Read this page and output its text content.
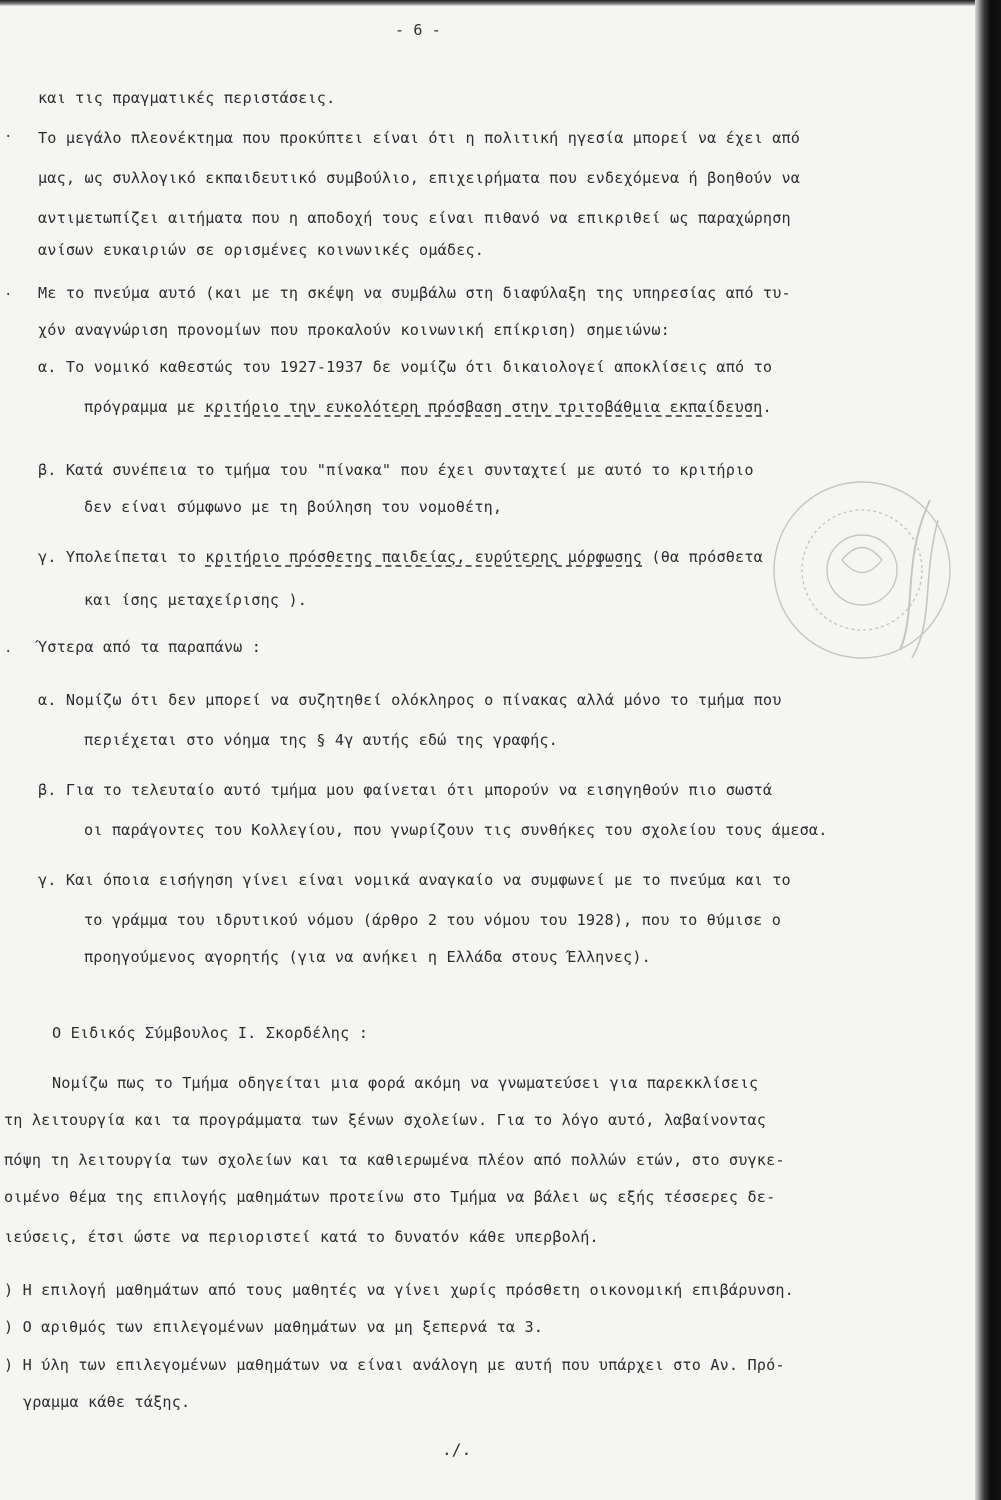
- 6 -
.
.
.
και τις πραγματικές περιστάσεις.
Το μεγάλο πλεονέκτημα που προκύπτει είναι ότι η πολιτική ηγεσία μπορεί να έχει από
μας, ως συλλογικό εκπαιδευτικό συμβούλιο, επιχειρήματα που ενδεχόμενα ή βοηθούν να
αντιμετωπίζει αιτήματα που η αποδοχή τους είναι πιθανό να επικριθεί ως παραχώρηση
ανίσων ευκαιριών σε ορισμένες κοινωνικές ομάδες.
Με το πνεύμα αυτό (και με τη σκέψη να συμβάλω στη διαφύλαξη της υπηρεσίας από τυ-
χόν αναγνώριση προνομίων που προκαλούν κοινωνική επίκριση) σημειώνω:
α. Το νομικό καθεστώς του 1927-1937 δε νομίζω ότι δικαιολογεί αποκλίσεις από το
πρόγραμμα με κριτήριο την ευκολότερη πρόσβαση στην τριτοβάθμια εκπαίδευση.
β. Κατά συνέπεια το τμήμα του "πίνακα" που έχει συνταχτεί με αυτό το κριτήριο
δεν είναι σύμφωνο με τη βούληση του νομοθέτη,
γ. Υπολείπεται το κριτήριο πρόσθετης παιδείας, ευρύτερης μόρφωσης (θα πρόσθετα
και ίσης μεταχείρισης ).
Ύστερα από τα παραπάνω :
α. Νομίζω ότι δεν μπορεί να συζητηθεί ολόκληρος ο πίνακας αλλά μόνο το τμήμα που
περιέχεται στο νόημα της § 4γ αυτής εδώ της γραφής.
β. Για το τελευταίο αυτό τμήμα μου φαίνεται ότι μπορούν να εισηγηθούν πιο σωστά
οι παράγοντες του Κολλεγίου, που γνωρίζουν τις συνθήκες του σχολείου τους άμεσα.
γ. Και όποια εισήγηση γίνει είναι νομικά αναγκαίο να συμφωνεί με το πνεύμα και το
το γράμμα του ιδρυτικού νόμου (άρθρο 2 του νόμου του 1928), που το θύμισε ο
προηγούμενος αγορητής (για να ανήκει η Ελλάδα στους Έλληνες).
Ο Ειδικός Σύμβουλος Ι. Σκορδέλης :
Νομίζω πως το Τμήμα οδηγείται μια φορά ακόμη να γνωματεύσει για παρεκκλίσεις
τη λειτουργία και τα προγράμματα των ξένων σχολείων. Για το λόγο αυτό, λαβαίνοντας
πόψη τη λειτουργία των σχολείων και τα καθιερωμένα πλέον από πολλών ετών, στο συγκε-
οιμένο θέμα της επιλογής μαθημάτων προτείνω στο Τμήμα να βάλει ως εξής τέσσερες δε-
ιεύσεις, έτσι ώστε να περιοριστεί κατά το δυνατόν κάθε υπερβολή.
) Η επιλογή μαθημάτων από τους μαθητές να γίνει χωρίς πρόσθετη οικονομική επιβάρυνση.
) Ο αριθμός των επιλεγομένων μαθημάτων να μη ξεπερνά τα 3.
) Η ύλη των επιλεγομένων μαθημάτων να είναι ανάλογη με αυτή που υπάρχει στο Αν. Πρό-
γραμμα κάθε τάξης.
./.
